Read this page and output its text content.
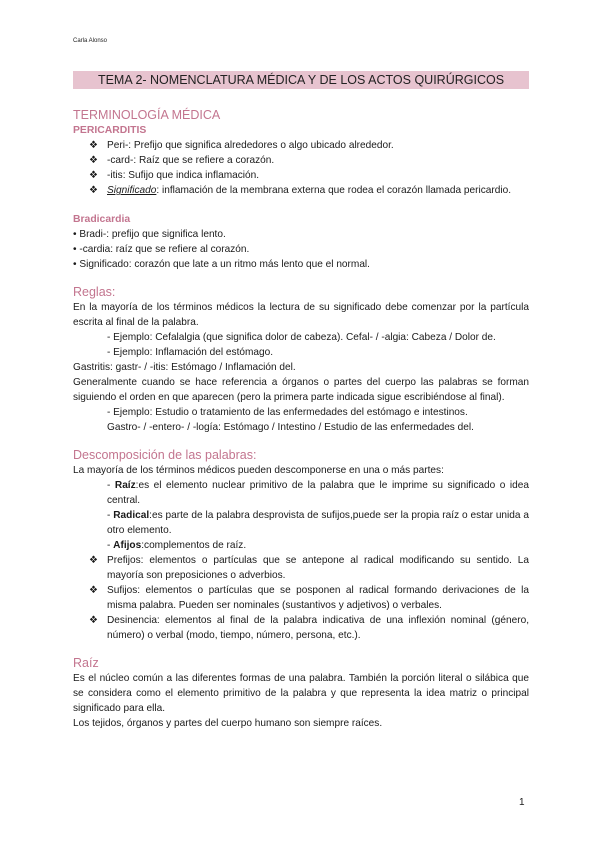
Carla Alonso
TEMA 2- NOMENCLATURA MÉDICA Y DE LOS ACTOS QUIRÚRGICOS

TERMINOLOGÍA MÉDICA

PERICARDITIS

❖ Peri-: Prefijo que significa alrededores o algo ubicado alrededor.
❖ -card-: Raíz que se refiere a corazón.
❖ -itis: Sufijo que indica inflamación.
❖ Significado: inflamación de la membrana externa que rodea el corazón llamada pericardio.

Bradicardia

• Bradi-: prefijo que significa lento.

• -cardia: raíz que se refiere al corazón.

• Significado: corazón que late a un ritmo más lento que el normal.

Reglas:

En la mayoría de los términos médicos la lectura de su significado debe comenzar por la partícula escrita al final de la palabra.

- Ejemplo: Cefalalgia (que significa dolor de cabeza). Cefal- / -algia: Cabeza / Dolor de.

- Ejemplo: Inflamación del estómago.

Gastritis: gastr- / -itis: Estómago / Inflamación del.

Generalmente cuando se hace referencia a órganos o partes del cuerpo las palabras se forman siguiendo el orden en que aparecen (pero la primera parte indicada sigue escribiéndose al final).

- Ejemplo: Estudio o tratamiento de las enfermedades del estómago e intestinos.

Gastro- / -entero- / -logía: Estómago / Intestino / Estudio de las enfermedades del.

Descomposición de las palabras:

La mayoría de los términos médicos pueden descomponerse en una o más partes:

- Raíz:es el elemento nuclear primitivo de la palabra que le imprime su significado o idea central.

- Radical:es parte de la palabra desprovista de sufijos,puede ser la propia raíz o estar unida a otro elemento.

- Afijos:complementos de raíz.

❖ Prefijos: elementos o partículas que se antepone al radical modificando su sentido. La mayoría son preposiciones o adverbios.
❖ Sufijos: elementos o partículas que se posponen al radical formando derivaciones de la misma palabra. Pueden ser nominales (sustantivos y adjetivos) o verbales.
❖ Desinencia: elementos al final de la palabra indicativa de una inflexión nominal (género, número) o verbal (modo, tiempo, número, persona, etc.).

Raíz

Es el núcleo común a las diferentes formas de una palabra. También la porción literal o silábica que se considera como el elemento primitivo de la palabra y que representa la idea matriz o principal significado para ella.

Los tejidos, órganos y partes del cuerpo humano son siempre raíces.

1
